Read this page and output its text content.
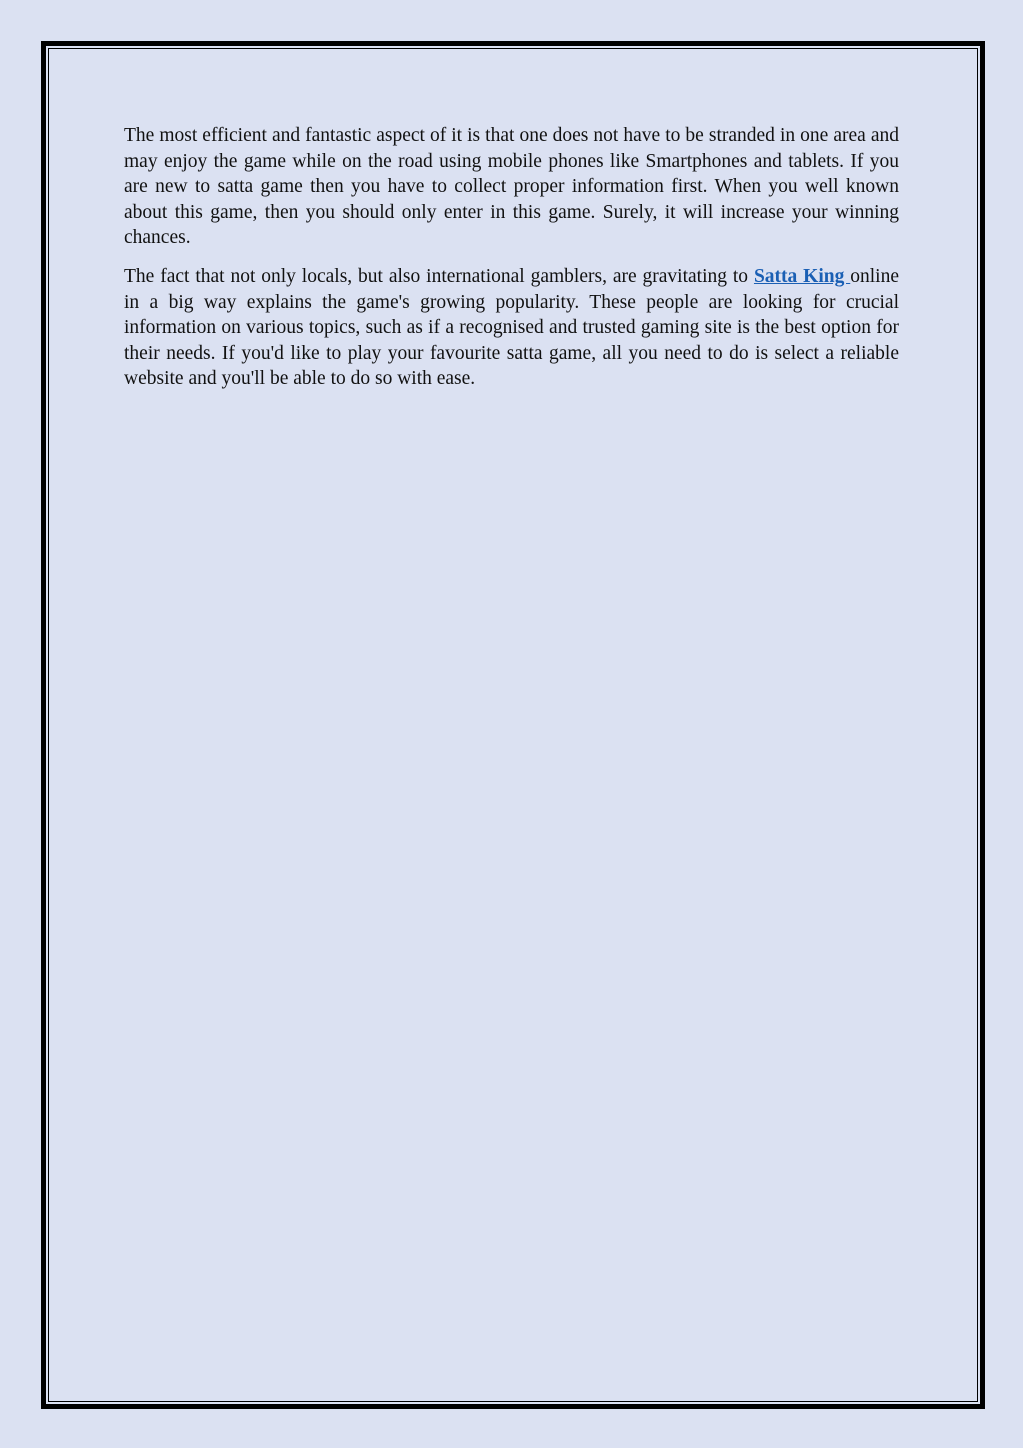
The most efficient and fantastic aspect of it is that one does not have to be stranded in one area and may enjoy the game while on the road using mobile phones like Smartphones and tablets. If you are new to satta game then you have to collect proper information first. When you well known about this game, then you should only enter in this game. Surely, it will increase your winning chances.

The fact that not only locals, but also international gamblers, are gravitating to Satta King online in a big way explains the game's growing popularity. These people are looking for crucial information on various topics, such as if a recognised and trusted gaming site is the best option for their needs. If you'd like to play your favourite satta game, all you need to do is select a reliable website and you'll be able to do so with ease.
